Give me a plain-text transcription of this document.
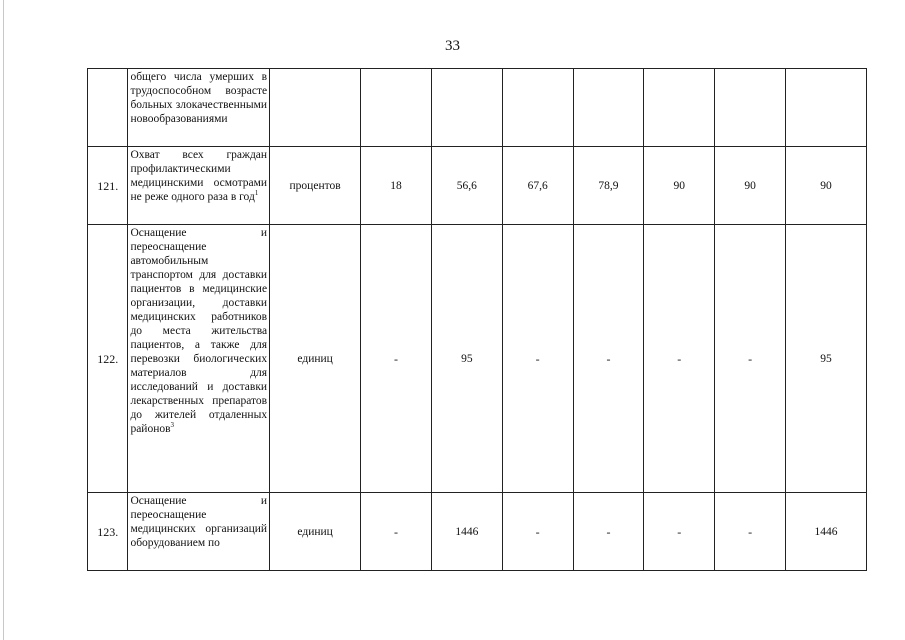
33
	общего числа умерших в трудоспособном возрасте больных злокачественными новообразованиями								
121.	Охват всех граждан профилактическими медицинскими осмотрами не реже одного раза в год$^1$	процентов	18	56,6	67,6	78,9	90	90	90
122.	Оснащение и переоснащение автомобильным транспортом для доставки пациентов в медицинские организации, доставки медицинских работников до места жительства пациентов, а также для перевозки биологических материалов для исследований и доставки лекарственных препаратов до жителей отдаленных районов$^3$	единиц	-	95	-	-	-	-	95
123.	Оснащение и переоснащение медицинских организаций оборудованием по	единиц	-	1446	-	-	-	-	1446
